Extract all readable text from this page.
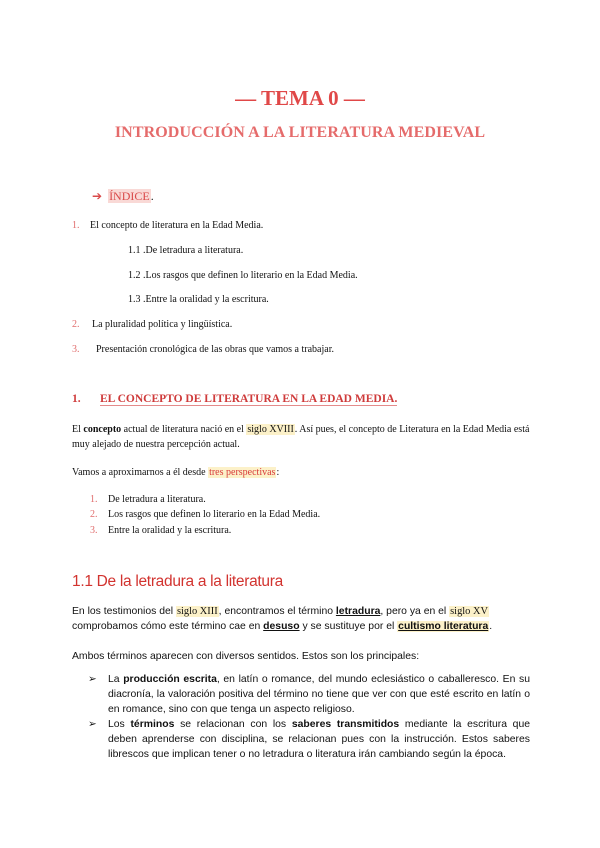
— TEMA 0 —
INTRODUCCIÓN A LA LITERATURA MEDIEVAL
➔ ÍNDICE.
1. El concepto de literatura en la Edad Media.
1.1 .De letradura a literatura.
1.2 .Los rasgos que definen lo literario en la Edad Media.
1.3 .Entre la oralidad y la escritura.
2. La pluralidad política y lingüística.
3. Presentación cronológica de las obras que vamos a trabajar.
1. EL CONCEPTO DE LITERATURA EN LA EDAD MEDIA.
El concepto actual de literatura nació en el siglo XVIII. Así pues, el concepto de Literatura en la Edad Media está muy alejado de nuestra percepción actual.
Vamos a aproximarnos a él desde tres perspectivas:
1. De letradura a literatura.
2. Los rasgos que definen lo literario en la Edad Media.
3. Entre la oralidad y la escritura.
1.1 De la letradura a la literatura
En los testimonios del siglo XIII, encontramos el término letradura, pero ya en el siglo XV
comprobamos cómo este término cae en desuso y se sustituye por el cultismo literatura.
Ambos términos aparecen con diversos sentidos. Estos son los principales:
➢	La producción escrita, en latín o romance, del mundo eclesiástico o caballeresco. En su diacronía, la valoración positiva del término no tiene que ver con que esté escrito en latín o en romance, sino con que tenga un aspecto religioso.
➢	Los términos se relacionan con los saberes transmitidos mediante la escritura que deben aprenderse con disciplina, se relacionan pues con la instrucción. Estos saberes librescos que implican tener o no letradura o literatura irán cambiando según la época.
